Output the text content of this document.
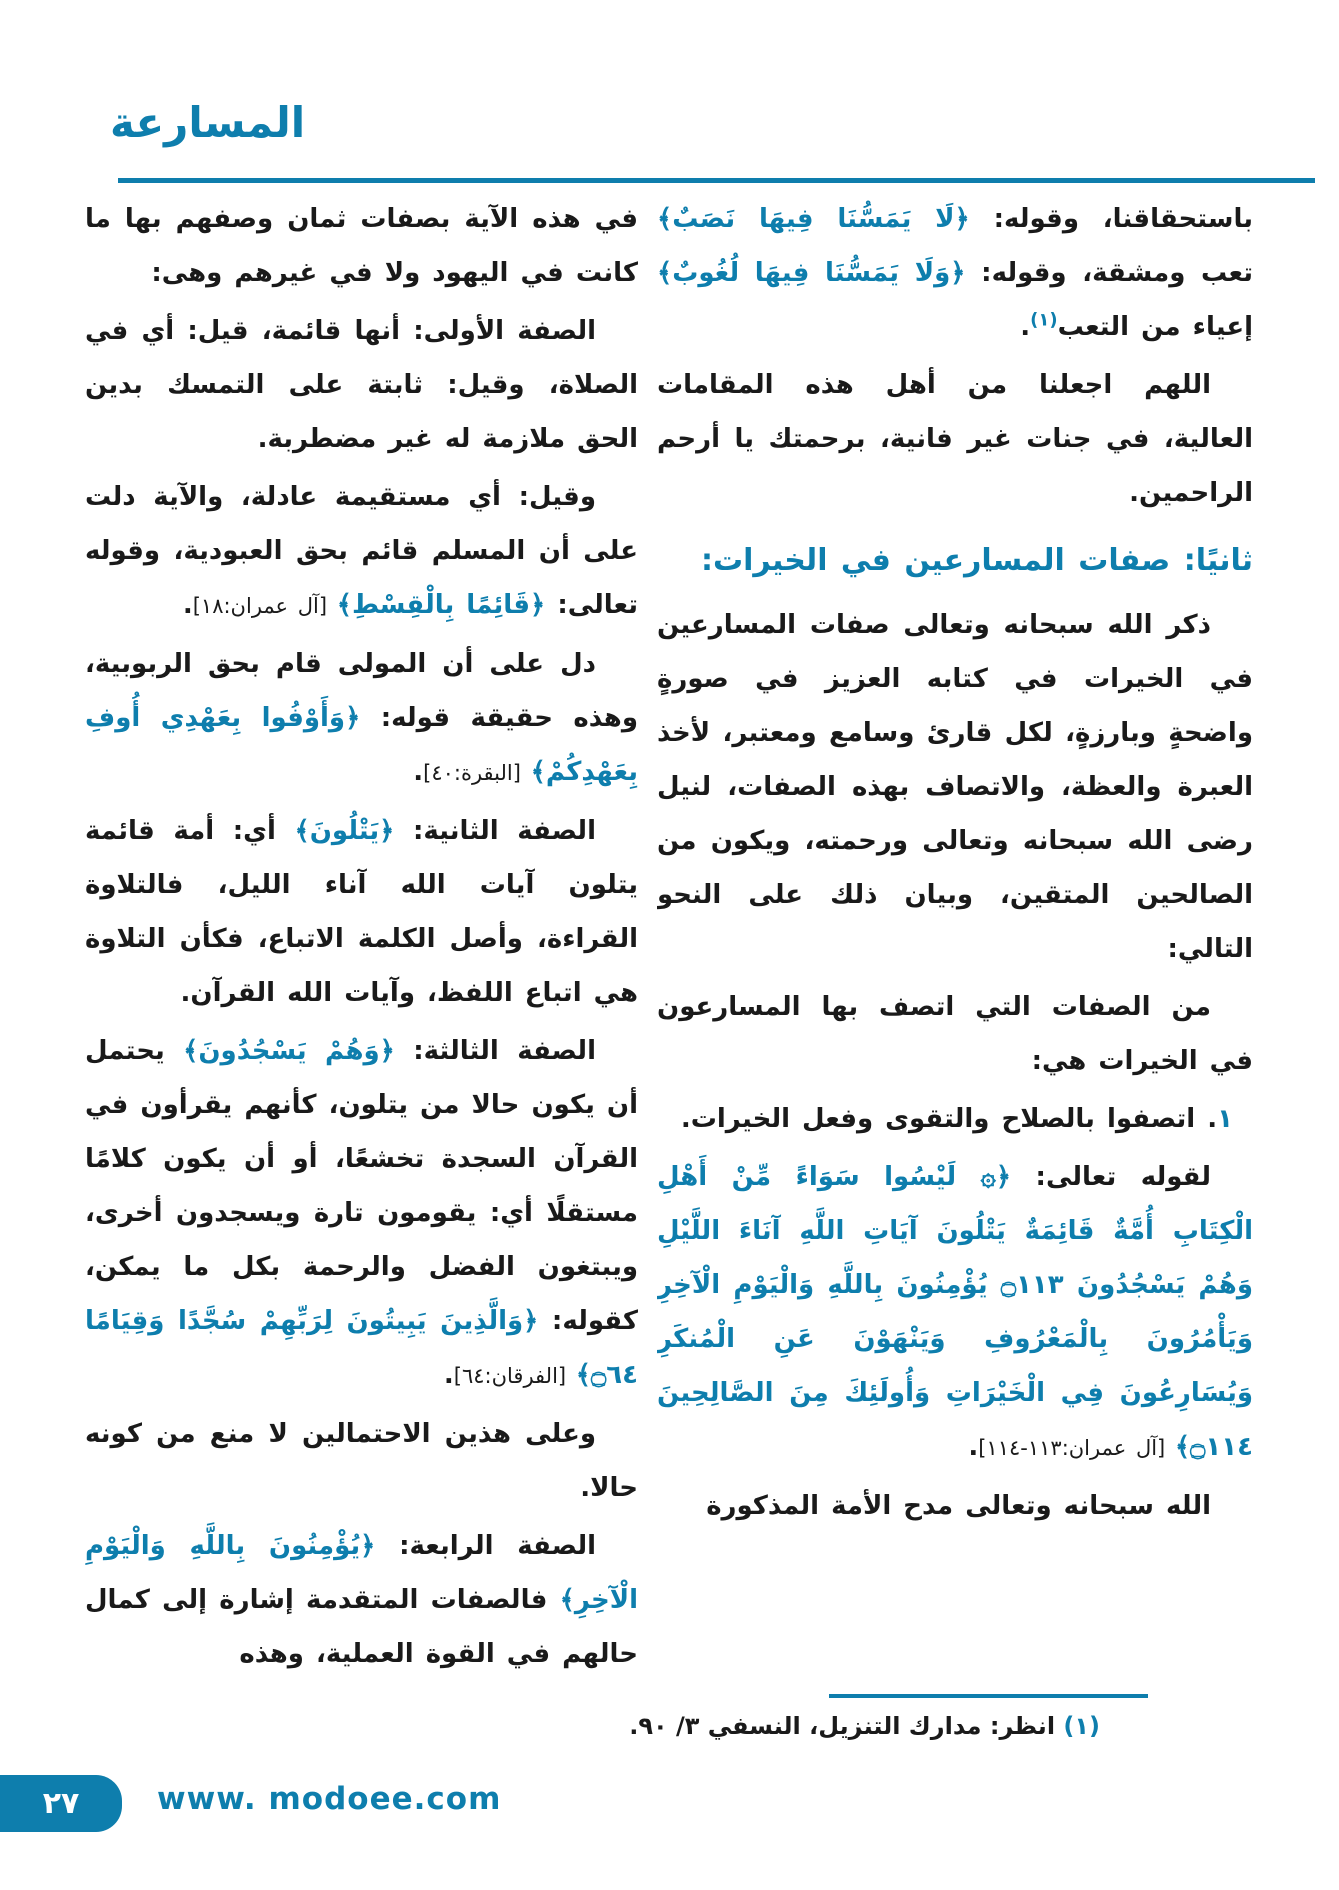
المسارعة

باستحقاقنا، وقوله: ﴿لَا يَمَسُّنَا فِيهَا نَصَبٌ﴾ تعب ومشقة، وقوله: ﴿وَلَا يَمَسُّنَا فِيهَا لُغُوبٌ﴾ إعياء من التعب$^{(١)}$.

اللهم اجعلنا من أهل هذه المقامات العالية، في جنات غير فانية، برحمتك يا أرحم الراحمين.

ثانيًا: صفات المسارعين في الخيرات:

ذكر الله سبحانه وتعالى صفات المسارعين في الخيرات في كتابه العزيز في صورةٍ واضحةٍ وبارزةٍ، لكل قارئ وسامع ومعتبر، لأخذ العبرة والعظة، والاتصاف بهذه الصفات، لنيل رضى الله سبحانه وتعالى ورحمته، ويكون من الصالحين المتقين، وبيان ذلك على النحو التالي:

من الصفات التي اتصف بها المسارعون في الخيرات هي:

١. اتصفوا بالصلاح والتقوى وفعل الخيرات.

لقوله تعالى: ﴿۞ لَيْسُوا سَوَاءً مِّنْ أَهْلِ الْكِتَابِ أُمَّةٌ قَائِمَةٌ يَتْلُونَ آيَاتِ اللَّهِ آنَاءَ اللَّيْلِ وَهُمْ يَسْجُدُونَ ۝١١٣ يُؤْمِنُونَ بِاللَّهِ وَالْيَوْمِ الْآخِرِ وَيَأْمُرُونَ بِالْمَعْرُوفِ وَيَنْهَوْنَ عَنِ الْمُنكَرِ وَيُسَارِعُونَ فِي الْخَيْرَاتِ وَأُولَئِكَ مِنَ الصَّالِحِينَ ۝١١٤﴾ [آل عمران:١١٣-١١٤].

الله سبحانه وتعالى مدح الأمة المذكورة

في هذه الآية بصفات ثمان وصفهم بها ما كانت في اليهود ولا في غيرهم وهى:

الصفة الأولى: أنها قائمة، قيل: أي في الصلاة، وقيل: ثابتة على التمسك بدين الحق ملازمة له غير مضطربة.

وقيل: أي مستقيمة عادلة، والآية دلت على أن المسلم قائم بحق العبودية، وقوله تعالى: ﴿قَائِمًا بِالْقِسْطِ﴾ [آل عمران:١٨].

دل على أن المولى قام بحق الربوبية، وهذه حقيقة قوله: ﴿وَأَوْفُوا بِعَهْدِي أُوفِ بِعَهْدِكُمْ﴾ [البقرة:٤٠].

الصفة الثانية: ﴿يَتْلُونَ﴾ أي: أمة قائمة يتلون آيات الله آناء الليل، فالتلاوة القراءة، وأصل الكلمة الاتباع، فكأن التلاوة هي اتباع اللفظ، وآيات الله القرآن.

الصفة الثالثة: ﴿وَهُمْ يَسْجُدُونَ﴾ يحتمل أن يكون حالا من يتلون، كأنهم يقرأون في القرآن السجدة تخشعًا، أو أن يكون كلامًا مستقلًا أي: يقومون تارة ويسجدون أخرى، ويبتغون الفضل والرحمة بكل ما يمكن، كقوله: ﴿وَالَّذِينَ يَبِيتُونَ لِرَبِّهِمْ سُجَّدًا وَقِيَامًا ۝٦٤﴾ [الفرقان:٦٤].

وعلى هذين الاحتمالين لا منع من كونه حالا.

الصفة الرابعة: ﴿يُؤْمِنُونَ بِاللَّهِ وَالْيَوْمِ الْآخِرِ﴾ فالصفات المتقدمة إشارة إلى كمال حالهم في القوة العملية، وهذه

(١) انظر: مدارك التنزيل، النسفي ٣/ ٩٠.
٢٧	www. modoee.com
